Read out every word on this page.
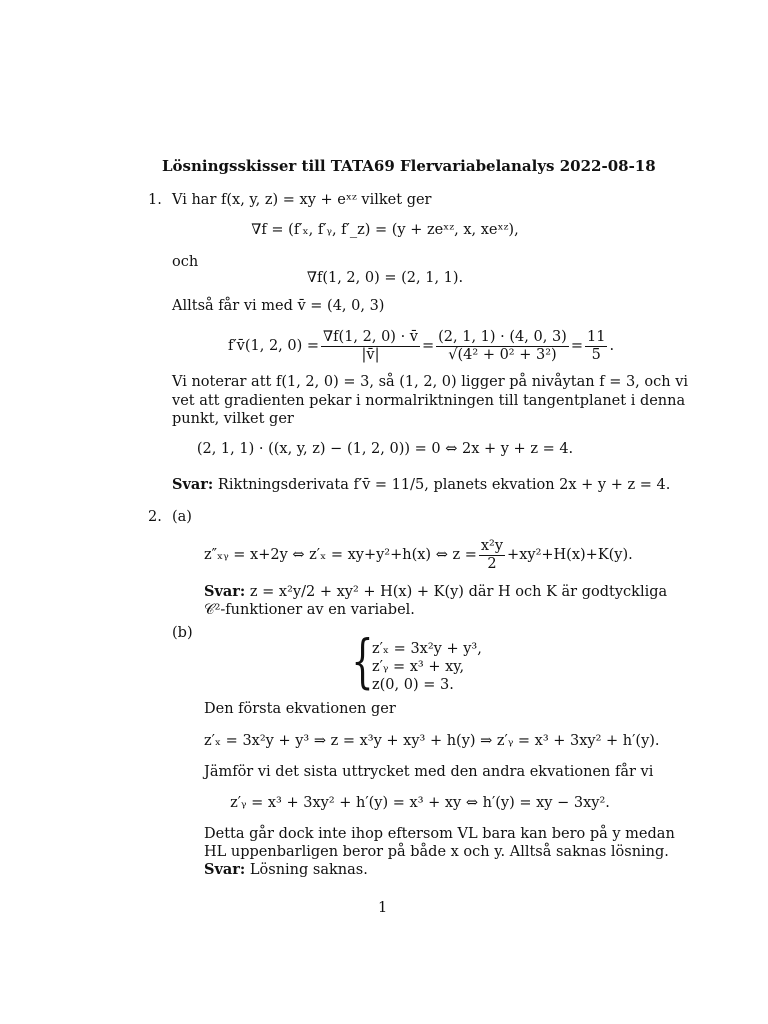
Lösningsskisser till TATA69 Flervariabelanalys 2022-08-18
1. Vi har f(x, y, z) = xy + eˣᶻ vilket ger
∇f = (f′ₓ, f′ᵧ, f′_z) = (y + zeˣᶻ, x, xeˣᶻ),
och
∇f(1, 2, 0) = (2, 1, 1).
Alltså får vi med v̄ = (4, 0, 3)
f′v̄(1, 2, $0) = \frac{\nabla f(1, 2, 0) \cdot v̄}{|v̄|} = \frac{(2, 1, 1) \cdot (4, 0, 3)}{\text{√(4² + 0² + 3²)}} = \frac{11}{5}$ .
Vi noterar att f(1, 2, 0) = 3, så (1, 2, 0) ligger på nivåytan f = 3, och vi
vet att gradienten pekar i normalriktningen till tangentplanet i denna
punkt, vilket ger
(2, 1, 1) · ((x, y, z) − (1, 2, 0)) = 0 ⇔ 2x + y + z = 4.
Svar: Riktningsderivata f′v̄ = 11/5, planets ekvation 2x + y + z = 4.
2. (a)
z″ₓᵧ = x+2y ⇔ z′ₓ = xy+y²+h(x) ⇔ $z = \frac{\text{x²y}}{2} +xy^2+H(x)+K(y)$.
Svar: z = x²y/2 + xy² + H(x) + K(y) där H och K är godtyckliga
𝒞²-funktioner av en variabel.
(b)	{
z′ₓ = 3x²y + y³,
z′ᵧ = x³ + xy,
z(0, 0) = 3.
Den första ekvationen ger
z′ₓ = 3x²y + y³ ⇒ z = x³y + xy³ + h(y) ⇒ z′ᵧ = x³ + 3xy² + h′(y).
Jämför vi det sista uttrycket med den andra ekvationen får vi
z′ᵧ = x³ + 3xy² + h′(y) = x³ + xy ⇔ h′(y) = xy − 3xy².
Detta går dock inte ihop eftersom VL bara kan bero på y medan
HL uppenbarligen beror på både x och y. Alltså saknas lösning.
Svar: Lösning saknas.
1
